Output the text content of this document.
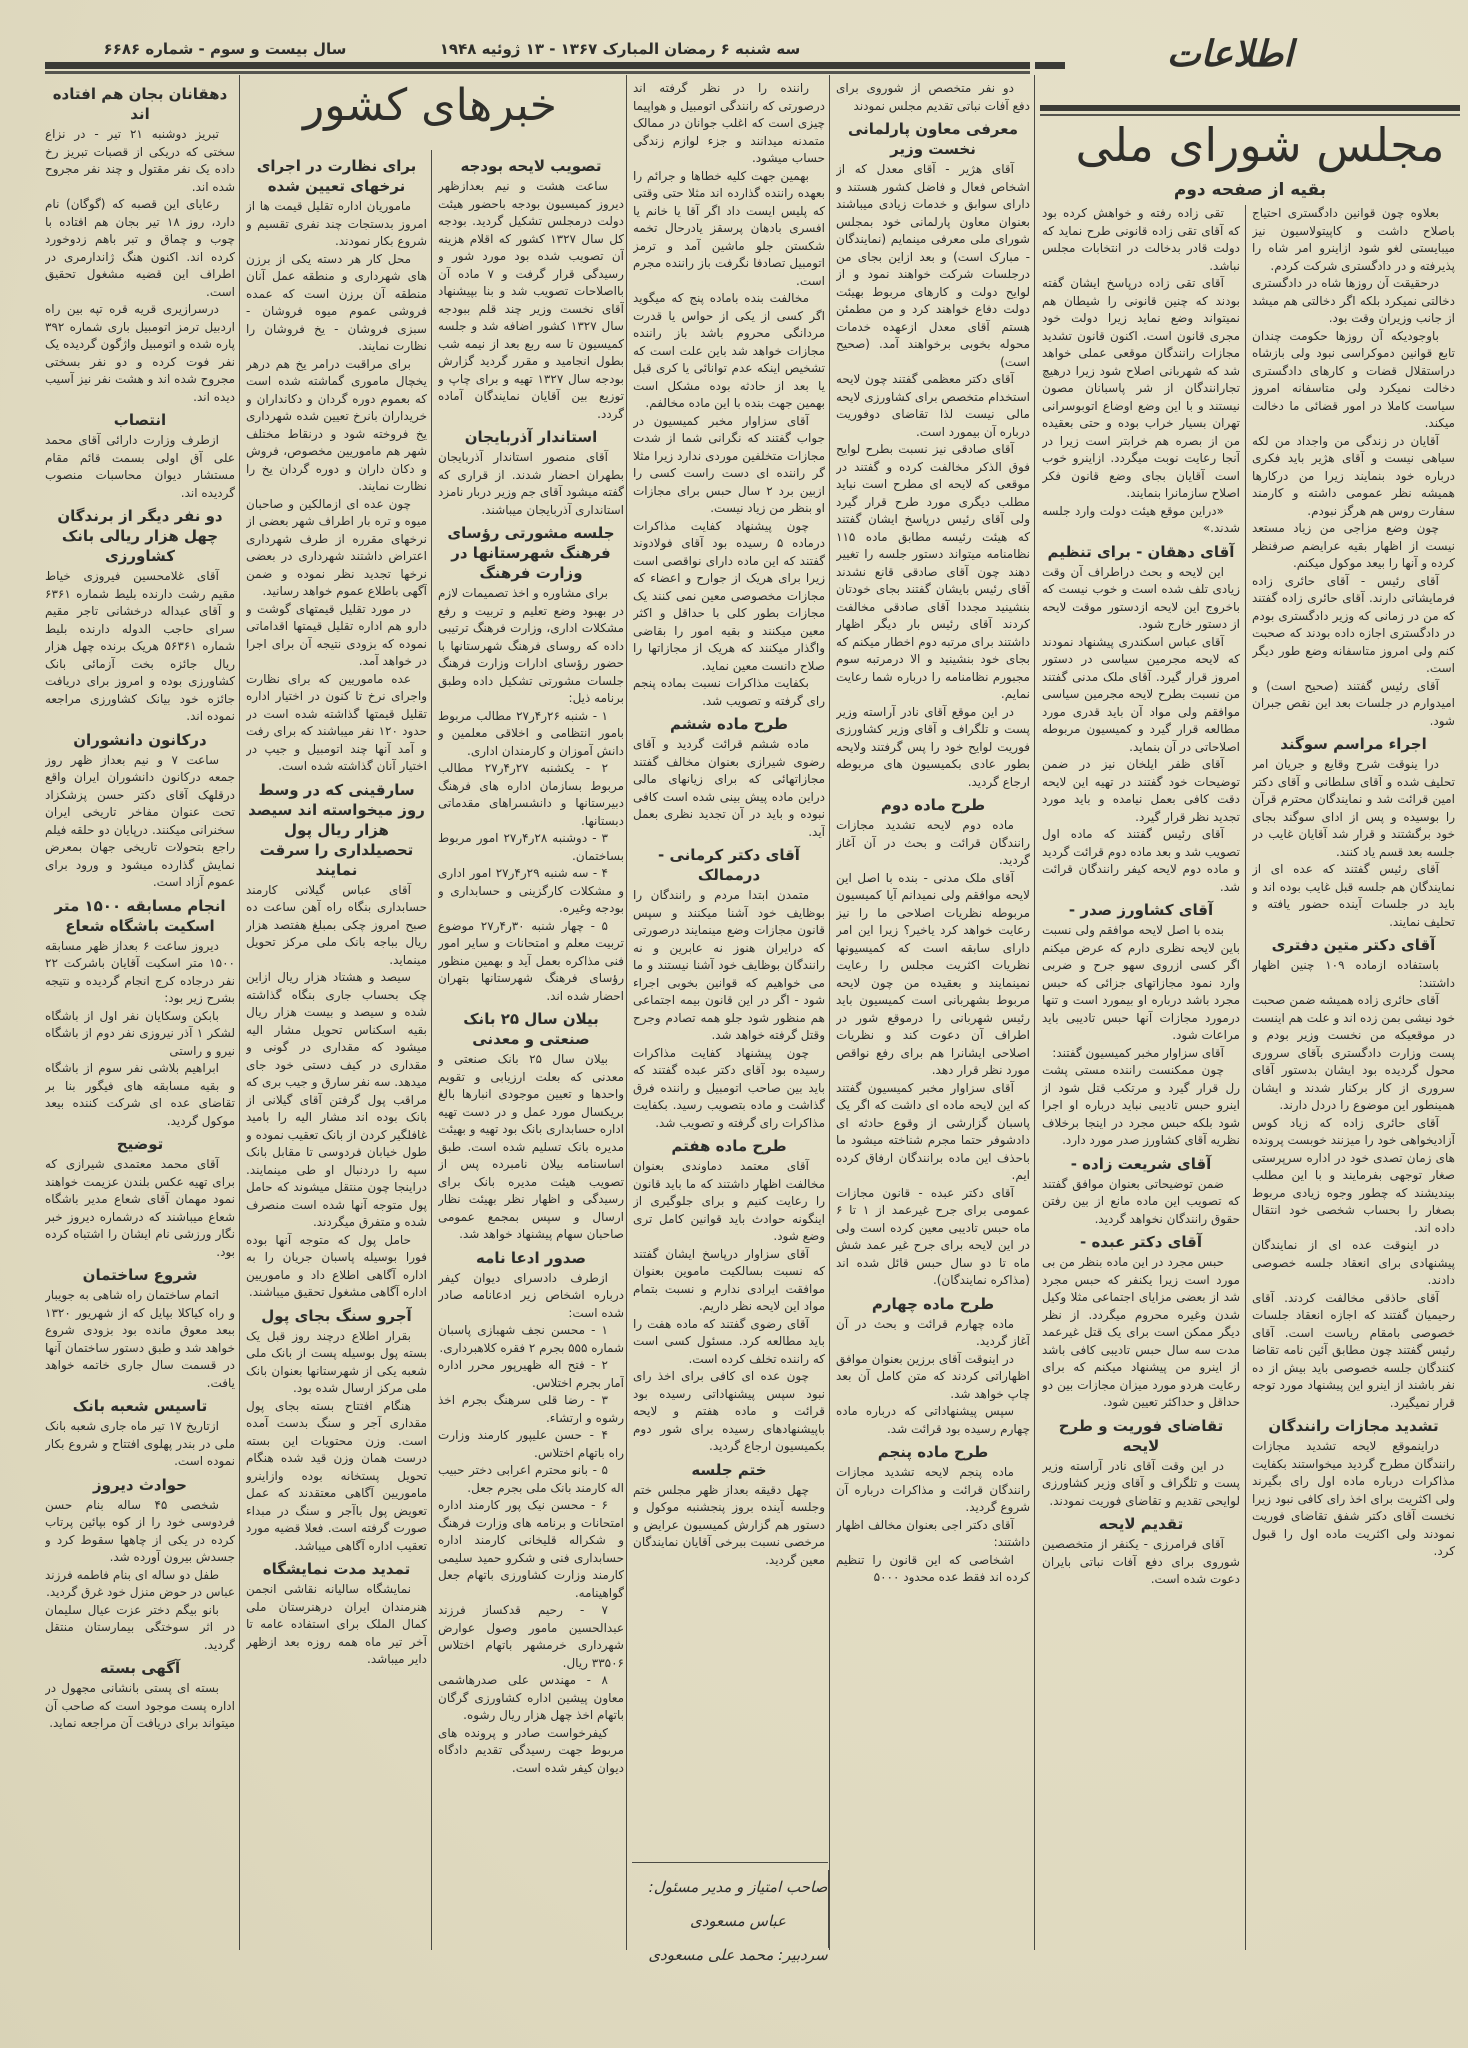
اطلاعات
سه شنبه ۶ رمضان المبارک ۱۳۶۷ - ۱۳ ژوئیه ۱۹۴۸
سال بیست و سوم - شماره ۶۶۸۶
مجلس شورای ملی
بقیه از صفحه دوم
خبرهای کشور

بعلاوه چون قوانین دادگستری احتیاج باصلاح داشت و کاپیتولاسیون نیز میبایستی لغو شود ازاینرو امر شاه را پذیرفته و در دادگستری شرکت کردم.

درحقیقت آن روزها شاه در دادگستری دخالتی نمیکرد بلکه اگر دخالتی هم میشد از جانب وزیران وقت بود.

باوجودیکه آن روزها حکومت چندان تابع قوانین دموکراسی نبود ولی بازشاه دراستقلال قضات و کارهای دادگستری دخالت نمیکرد ولی متاسفانه امروز سیاست کاملا در امور قضائی ما دخالت میکند.

آقایان در زندگی من واجداد من لکه سیاهی نیست و آقای هژیر باید فکری درباره خود بنمایند زیرا من درکارها همیشه نظر عمومی داشته و کارمند سفارت روس هم هرگز نبودم.

چون وضع مزاجی من زیاد مستعد نیست از اظهار بقیه عرایضم صرفنظر کرده و آنها را بیعد موکول میکنم.

آقای رئیس - آقای حائری زاده فرمایشاتی دارند. آقای حائری زاده گفتند که من در زمانی که وزیر دادگستری بودم در دادگستری اجازه داده بودند که صحبت کنم ولی امروز متاسفانه وضع طور دیگر است.

آقای رئیس گفتند (صحیح است) و امیدوارم در جلسات بعد این نقص جبران شود.

اجراء مراسم سوگند

درا ینوقت شرح وقایع و جریان امر تحلیف شده و آقای سلطانی و آقای دکتر امین قرائت شد و نمایندگان محترم قرآن را بوسیده و پس از ادای سوگند بجای خود برگشتند و قرار شد آقایان غایب در جلسه بعد قسم یاد کنند.

آقای رئیس گفتند که عده ای از نمایندگان هم جلسه قبل غایب بوده اند و باید در جلسات آینده حضور یافته و تحلیف نمایند.

آقای دکتر متین دفتری

باستفاده ازماده ۱۰۹ چنین اظهار داشتند:

آقای حائری زاده همیشه ضمن صحبت خود نیشی بمن زده اند و علت هم اینست در موقعیکه من نخست وزیر بودم و پست وزارت دادگستری بآقای سروری محول گردیده بود ایشان بدستور آقای سروری از کار برکنار شدند و ایشان همینطور این موضوع را دردل دارند.

آقای حائری زاده که زیاد کوس آزادیخواهی خود را میزنند خوبست پرونده های زمان تصدی خود در اداره سرپرستی صغار توجهی بفرمایند و با این مطلب بیندیشند که چطور وجوه زیادی مربوط بصغار را بحساب شخصی خود انتقال داده اند.

در اینوقت عده ای از نمایندگان پیشنهادی برای انعقاد جلسه خصوصی دادند.

آقای حاذقی مخالفت کردند. آقای رحیمیان گفتند که اجازه انعقاد جلسات خصوصی بامقام ریاست است. آقای رئیس گفتند چون مطابق آئین نامه تقاضا کنندگان جلسه خصوصی باید بیش از ده نفر باشند از اینرو این پیشنهاد مورد توجه قرار نمیگیرد.

تشدید مجازات رانندگان

دراینموقع لایحه تشدید مجازات رانندگان مطرح گردید میخواستند بکفایت مذاکرات درباره ماده اول رای بگیرند ولی اکثریت برای اخذ رای کافی نبود زیرا نخست آقای دکتر شفق تقاضای فوریت نمودند ولی اکثریت ماده اول را قبول کرد.

تقی زاده رفته و خواهش کرده بود که آقای تقی زاده قانونی طرح نماید که دولت قادر بدخالت در انتخابات مجلس نباشد.

آقای تقی زاده درپاسخ ایشان گفته بودند که چنین قانونی را شیطان هم نمیتواند وضع نماید زیرا دولت خود مجری قانون است. اکنون قانون تشدید مجازات رانندگان موقعی عملی خواهد شد که شهربانی اصلاح شود زیرا درهیچ تجارانندگان از شر پاسبانان مصون نیستند و با این وضع اوضاع اتوبوسرانی تهران بسیار خراب بوده و حتی بعقیده من از بصره هم خرابتر است زیرا در آنجا رعایت نوبت میگردد. ازاینرو خوب است آقایان بجای وضع قانون فکر اصلاح سازمانرا بنمایند.

«دراین موقع هیئت دولت وارد جلسه شدند.»

آقای دهقان - برای تنظیم

این لایحه و بحث دراطراف آن وقت زیادی تلف شده است و خوب نیست که باخروج این لایحه ازدستور موقت لایحه از دستور خارج شود.

آقای عباس اسکندری پیشنهاد نمودند که لایحه مجرمین سیاسی در دستور امروز قرار گیرد. آقای ملک مدنی گفتند من نسبت بطرح لایحه مجرمین سیاسی موافقم ولی مواد آن باید قدری مورد مطالعه قرار گیرد و کمیسیون مربوطه اصلاحاتی در آن بنماید.

آقای ظفر ایلخان نیز در ضمن توضیحات خود گفتند در تهیه این لایحه دقت کافی بعمل نیامده و باید مورد تجدید نظر قرار گیرد.

آقای رئیس گفتند که ماده اول تصویب شد و بعد ماده دوم قرائت گردید و ماده دوم لایحه کیفر رانندگان قرائت شد.

آقای کشاورز صدر -

بنده با اصل لایحه موافقم ولی نسبت باین لایحه نظری دارم که عرض میکنم اگر کسی ازروی سهو جرح و ضربی وارد نمود مجازاتهای جزائی که حبس مجرد باشد درباره او بیمورد است و تنها درمورد مجازات آنها حبس تادیبی باید مراعات شود.

آقای سزاوار مخبر کمیسیون گفتند:

چون ممکنست راننده مستی پشت رل قرار گیرد و مرتکب قتل شود از اینرو حبس تادیبی نباید درباره او اجرا شود بلکه حبس مجرد در اینجا برخلاف نظریه آقای کشاورز صدر مورد دارد.

آقای شریعت زاده -

ضمن توضیحاتی بعنوان موافق گفتند که تصویب این ماده مانع از بین رفتن حقوق رانندگان نخواهد گردید.

آقای دکتر عبده -

حبس مجرد در این ماده بنظر من بی مورد است زیرا یکنفر که حبس مجرد شد از بعضی مزایای اجتماعی مثلا وکیل شدن وغیره محروم میگردد. از نظر دیگر ممکن است برای یک قتل غیرعمد مدت سه سال حبس تادیبی کافی باشد از اینرو من پیشنهاد میکنم که برای رعایت هردو مورد میزان مجازات بین دو حداقل و حداکثر تعیین شود.

تقاضای فوریت و طرح لایحه

در این وقت آقای نادر آراسته وزیر پست و تلگراف و آقای وزیر کشاورزی لوایحی تقدیم و تقاضای فوریت نمودند.

تقدیم لایحه

آقای فرامرزی - یکنفر از متخصصین شوروی برای دفع آفات نباتی بایران دعوت شده است.

دو نفر متخصص از شوروی برای دفع آفات نباتی تقدیم مجلس نمودند

معرفی معاون پارلمانی نخست وزیر

آقای هژیر - آقای معدل که از اشخاص فعال و فاضل کشور هستند و دارای سوابق و خدمات زیادی میباشند بعنوان معاون پارلمانی خود بمجلس شورای ملی معرفی مینمایم (نمایندگان - مبارک است) و بعد ازاین بجای من درجلسات شرکت خواهند نمود و از لوایح دولت و کارهای مربوط بهیئت دولت دفاع خواهند کرد و من مطمئن هستم آقای معدل ازعهده خدمات محوله بخوبی برخواهند آمد. (صحیح است)

آقای دکتر معظمی گفتند چون لایحه استخدام متخصص برای کشاورزی لایحه مالی نیست لذا تقاضای دوفوریت درباره آن بیمورد است.

آقای صادقی نیز نسبت بطرح لوایح فوق الذکر مخالفت کرده و گفتند در موقعی که لایحه ای مطرح است نباید مطلب دیگری مورد طرح قرار گیرد ولی آقای رئیس درپاسخ ایشان گفتند که هیئت رئیسه مطابق ماده ۱۱۵ نظامنامه میتواند دستور جلسه را تغییر دهند چون آقای صادقی قانع نشدند آقای رئیس بایشان گفتند بجای خودتان بنشینید مجددا آقای صادقی مخالفت کردند آقای رئیس بار دیگر اظهار داشتند برای مرتبه دوم اخطار میکنم که بجای خود بنشینید و الا درمرتبه سوم مجبورم نظامنامه را درباره شما رعایت نمایم.

در این موقع آقای نادر آراسته وزیر پست و تلگراف و آقای وزیر کشاورزی فوریت لوایح خود را پس گرفتند ولایحه بطور عادی بکمیسیون های مربوطه ارجاع گردید.

طرح ماده دوم

ماده دوم لایحه تشدید مجازات رانندگان قرائت و بحث در آن آغاز گردید.

آقای ملک مدنی - بنده با اصل این لایحه موافقم ولی نمیدانم آیا کمیسیون مربوطه نظریات اصلاحی ما را نیز رعایت خواهد کرد یاخیر؟ زیرا این امر دارای سابقه است که کمیسیونها نظریات اکثریت مجلس را رعایت نمینمایند و بعقیده من چون لایحه مربوط بشهربانی است کمیسیون باید رئیس شهربانی را درموقع شور در اطراف آن دعوت کند و نظریات اصلاحی ایشانرا هم برای رفع نواقص مورد نظر قرار دهد.

آقای سزاوار مخبر کمیسیون گفتند که این لایحه ماده ای داشت که اگر یک پاسبان گزارشی از وقوع حادثه ای دادشوفر حتما مجرم شناخته میشود ما باحذف این ماده برانندگان ارفاق کرده ایم.

آقای دکتر عبده - قانون مجازات عمومی برای جرح غیرعمد از ۱ تا ۶ ماه حبس تادیبی معین کرده است ولی در این لایحه برای جرح غیر عمد شش ماه تا دو سال حبس قائل شده اند (مذاکره نمایندگان).

طرح ماده چهارم

ماده چهارم قرائت و بحث در آن آغاز گردید.

در اینوقت آقای برزین بعنوان موافق اظهاراتی کردند که متن کامل آن بعد چاپ خواهد شد.

سپس پیشنهاداتی که درباره ماده چهارم رسیده بود قرائت شد.

طرح ماده پنجم

ماده پنجم لایحه تشدید مجازات رانندگان قرائت و مذاکرات درباره آن شروع گردید.

آقای دکتر اجی بعنوان مخالف اظهار داشتند:

اشخاصی که این قانون را تنظیم کرده اند فقط عده محدود ۵۰۰۰

راننده را در نظر گرفته اند درصورتی که رانندگی اتومبیل و هواپیما چیزی است که اغلب جوانان در ممالک متمدنه میدانند و جزء لوازم زندگی حساب میشود.

بهمین جهت کلیه خطاها و جرائم را بعهده راننده گذارده اند مثلا حتی وقتی که پلیس ایست داد اگر آقا یا خانم یا افسری بادهان پرسقز یادرحال تخمه شکستن جلو ماشین آمد و ترمز اتومبیل تصادفا نگرفت باز راننده مجرم است.

مخالفت بنده باماده پنج که میگوید اگر کسی از یکی از حواس یا قدرت مردانگی محروم باشد باز راننده مجازات خواهد شد باین علت است که تشخیص اینکه عدم توانائی یا کری قبل یا بعد از حادثه بوده مشکل است بهمین جهت بنده با این ماده مخالفم.

آقای سزاوار مخبر کمیسیون در جواب گفتند که نگرانی شما از شدت مجازات متخلفین موردی ندارد زیرا مثلا گر راننده ای دست راست کسی را ازبین برد ۲ سال حبس برای مجازات او بنظر من زیاد نیست.

چون پیشنهاد کفایت مذاکرات درماده ۵ رسیده بود آقای فولادوند گفتند که این ماده دارای نواقصی است زیرا برای هریک از جوارح و اعضاء که مجازات مخصوصی معین نمی کنند یک مجازات بطور کلی با حداقل و اکثر معین میکنند و بقیه امور را بقاضی واگذار میکنند که هریک از مجازاتها را صلاح دانست معین نماید.

بکفایت مذاکرات نسبت بماده پنجم رای گرفته و تصویب شد.

طرح ماده ششم

ماده ششم قرائت گردید و آقای رضوی شیرازی بعنوان مخالف گفتند مجازاتهائی که برای زیانهای مالی دراین ماده پیش بینی شده است کافی نبوده و باید در آن تجدید نظری بعمل آید.

آقای دکتر کرمانی - درممالک

متمدن ابتدا مردم و رانندگان را بوظایف خود آشنا میکنند و سپس قانون مجازات وضع مینمایند درصورتی که درایران هنوز نه عابرین و نه رانندگان بوظایف خود آشنا نیستند و ما می خواهیم که قوانین بخوبی اجراء شود - اگر در این قانون بیمه اجتماعی هم منظور شود جلو همه تصادم وجرح وقتل گرفته خواهد شد.

چون پیشنهاد کفایت مذاکرات رسیده بود آقای دکتر عبده گفتند که باید بین صاحب اتومبیل و راننده فرق گذاشت و ماده بتصویب رسید. بکفایت مذاکرات رای گرفته و تصویب شد.

طرح ماده هفتم

آقای معتمد دماوندی بعنوان مخالفت اظهار داشتند که ما باید قانون را رعایت کنیم و برای جلوگیری از اینگونه حوادث باید قوانین کامل تری وضع شود.

آقای سزاوار درپاسخ ایشان گفتند که نسبت بسالکیت ماموین بعنوان موافقت ایرادی ندارم و نسبت بتمام مواد این لایحه نظر داریم.

آقای رضوی گفتند که ماده هفت را باید مطالعه کرد. مسئول کسی است که راننده تخلف کرده است.

چون عده ای کافی برای اخذ رای نبود سپس پیشنهاداتی رسیده بود قرائت و ماده هفتم و لایحه باپیشنهادهای رسیده برای شور دوم بکمیسیون ارجاع گردید.

ختم جلسه

چهل دقیقه بعداز ظهر مجلس ختم وجلسه آینده بروز پنجشنبه موکول و دستور هم گزارش کمیسیون عرایض و مرخصی نسبت ببرخی آقایان نمایندگان معین گردید.

تصویب لایحه بودجه

ساعت هشت و نیم بعدازظهر دیروز کمیسیون بودجه باحضور هیئت دولت درمجلس تشکیل گردید. بودجه کل سال ۱۳۲۷ کشور که اقلام هزینه آن تصویب شده بود مورد شور و رسیدگی قرار گرفت و ۷ ماده آن بااصلاحات تصویب شد و بنا بپیشنهاد آقای نخست وزیر چند قلم ببودجه سال ۱۳۲۷ کشور اضافه شد و جلسه کمیسیون تا سه ربع بعد از نیمه شب بطول انجامید و مقرر گردید گزارش بودجه سال ۱۳۲۷ تهیه و برای چاپ و توزیع بین آقایان نمایندگان آماده گردد.

استاندار آذربایجان

آقای منصور استاندار آذربایجان بطهران احضار شدند. از قراری که گفته میشود آقای جم وزیر دربار نامزد استانداری آذربایجان میباشند.

جلسه مشورتی رؤسای فرهنگ شهرستانها در وزارت فرهنگ

برای مشاوره و اخذ تصمیمات لازم در بهبود وضع تعلیم و تربیت و رفع مشکلات اداری، وزارت فرهنگ ترتیبی داده که روسای فرهنگ شهرستانها با حضور رؤسای ادارات وزارت فرهنگ جلسات مشورتی تشکیل داده وطبق برنامه ذیل:

۱ - شنبه ۲۶ر۴ر۲۷ مطالب مربوط بامور انتظامی و اخلاقی معلمین و دانش آموزان و کارمندان اداری.

۲ - یکشنبه ۲۷ر۴ر۲۷ مطالب مربوط بسازمان اداره های فرهنگ دبیرستانها و دانشسراهای مقدماتی دبستانها.

۳ - دوشنبه ۲۸ر۴ر۲۷ امور مربوط بساختمان.

۴ - سه شنبه ۲۹ر۴ر۲۷ امور اداری و مشکلات کارگزینی و حسابداری و بودجه وغیره.

۵ - چهار شنبه ۳۰ر۴ر۲۷ موضوع تربیت معلم و امتحانات و سایر امور فنی مذاکره بعمل آید و بهمین منظور رؤسای فرهنگ شهرستانها بتهران احضار شده اند.

بیلان سال ۲۵ بانک صنعتی و معدنی

بیلان سال ۲۵ بانک صنعتی و معدنی که بعلت ارزیابی و تقویم واحدها و تعیین موجودی انبارها بالغ بریکسال مورد عمل و در دست تهیه اداره حسابداری بانک بود تهیه و بهیئت مدیره بانک تسلیم شده است. طبق اساسنامه بیلان نامبرده پس از تصویب هیئت مدیره بانک برای رسیدگی و اظهار نظر بهیئت نظار ارسال و سپس بمجمع عمومی صاحبان سهام پیشنهاد خواهد شد.

صدور ادعا نامه

ازطرف دادسرای دیوان کیفر درباره اشخاص زیر ادعانامه صادر شده است:

۱ - محسن نجف شهبازی پاسبان شماره ۵۵۵ بجرم ۲ فقره کلاهبرداری.

۲ - فتح اله ظهیرپور محرر اداره آمار بجرم اختلاس.

۳ - رضا قلی سرهنگ بجرم اخذ رشوه و ارتشاء.

۴ - حسن علیپور کارمند وزارت راه باتهام اختلاس.

۵ - بانو محترم اعرابی دختر حبیب اله کارمند بانک ملی بجرم جعل.

۶ - محسن نیک پور کارمند اداره امتحانات و برنامه های وزارت فرهنگ و شکراله قلیخانی کارمند اداره حسابداری فنی و شکرو حمید سلیمی کارمند وزارت کشاورزی باتهام جعل گواهینامه.

۷ - رحیم قدکساز فرزند عبدالحسین مامور وصول عوارض شهرداری خرمشهر باتهام اختلاس ۳۳۵۰۶ ریال.

۸ - مهندس علی صدرهاشمی معاون پیشین اداره کشاورزی گرگان باتهام اخذ چهل هزار ریال رشوه.

کیفرخواست صادر و پرونده های مربوط جهت رسیدگی تقدیم دادگاه دیوان کیفر شده است.

برای نظارت در اجرای نرخهای تعیین شده

ماموریان اداره تقلیل قیمت ها از امروز بدستجات چند نفری تقسیم و شروع بکار نمودند.

محل کار هر دسته یکی از برزن های شهرداری و منطقه عمل آنان منطقه آن برزن است که عمده فروشی عموم میوه فروشان - سبزی فروشان - یخ فروشان را نظارت نمایند.

برای مراقبت درامر یخ هم درهر یخچال ماموری گماشته شده است که بعموم دوره گردان و دکانداران و خریداران بانرخ تعیین شده شهرداری یخ فروخته شود و درنقاط مختلف شهر هم ماموریین مخصوص، فروش و دکان داران و دوره گردان یخ را نظارت نمایند.

چون عده ای ازمالکین و صاحبان میوه و تره بار اطراف شهر بعضی از نرخهای مقرره از طرف شهرداری اعتراض داشتند شهرداری در بعضی نرخها تجدید نظر نموده و ضمن آگهی باطلاع عموم خواهد رسانید.

در مورد تقلیل قیمتهای گوشت و دارو هم اداره تقلیل قیمتها اقداماتی نموده که بزودی نتیجه آن برای اجرا در خواهد آمد.

عده ماموریین که برای نظارت واجرای نرخ تا کنون در اختیار اداره تقلیل قیمتها گذاشته شده است در حدود ۱۲۰ نفر میباشند که برای رفت و آمد آنها چند اتومبیل و جیپ در اختیار آنان گذاشته شده است.

سارقینی که در وسط روز میخواسته اند سیصد هزار ریال پول تحصیلداری را سرقت نمایند

آقای عباس گیلانی کارمند حسابداری بنگاه راه آهن ساعت ده صبح امروز چکی بمبلغ هفتصد هزار ریال بباجه بانک ملی مرکز تحویل مینماید.

سیصد و هشتاد هزار ریال ازاین چک بحساب جاری بنگاه گذاشته شده و سیصد و بیست هزار ریال بقیه اسکناس تحویل مشار الیه میشود که مقداری در گونی و مقداری در کیف دستی خود جای میدهد. سه نفر سارق و جیب بری که مراقب پول گرفتن آقای گیلانی از بانک بوده اند مشار الیه را بامید غافلگیر کردن از بانک تعقیب نموده و طول خیابان فردوسی تا مقابل بانک سپه را دردنبال او طی مینمایند. دراینجا چون منتقل میشوند که حامل پول متوجه آنها شده است منصرف شده و متفرق میگردند.

حامل پول که متوجه آنها بوده فورا بوسیله پاسبان جریان را به اداره آگاهی اطلاع داد و ماموریین اداره آگاهی مشغول تحقیق میباشند.

آجرو سنگ بجای پول

بقرار اطلاع درچند روز قبل یک بسته پول بوسیله پست از بانک ملی شعبه یکی از شهرستانها بعنوان بانک ملی مرکز ارسال شده بود.

هنگام افتتاح بسته بجای پول مقداری آجر و سنگ بدست آمده است. وزن محتویات این بسته درست همان وزن قید شده هنگام تحویل پستخانه بوده وازاینرو ماموریین آگاهی معتقدند که عمل تعویض پول باآجر و سنگ در مبداء صورت گرفته است. فعلا قضیه مورد تعقیب اداره آگاهی میباشد.

تمدید مدت نمایشگاه

نمایشگاه سالیانه نقاشی انجمن هنرمندان ایران درهنرستان ملی کمال الملک برای استفاده عامه تا آخر تیر ماه همه روزه بعد ازظهر دایر میباشد.

دهقانان بجان هم افتاده اند

تبریز دوشنبه ۲۱ تیر - در نزاع سختی که دریکی از قصبات تبریز رخ داده یک نفر مقتول و چند نفر مجروح شده اند.

رعایای این قصبه که (گوگان) نام دارد، روز ۱۸ تیر بجان هم افتاده با چوب و چماق و تبر باهم زدوخورد کرده اند. اکنون هنگ ژاندارمری در اطراف این قضیه مشغول تحقیق است.

درسرازیری قریه قره تپه بین راه اردبیل ترمز اتومبیل باری شماره ۳۹۲ پاره شده و اتومبیل واژگون گردیده یک نفر فوت کرده و دو نفر بسختی مجروح شده اند و هشت نفر نیز آسیب دیده اند.

انتصاب

ازطرف وزارت دارائی آقای محمد علی آق اولی بسمت قائم مقام مستشار دیوان محاسبات منصوب گردیده اند.

دو نفر دیگر از برندگان چهل هزار ریالی بانک کشاورزی

آقای غلامحسین فیروزی خیاط مقیم رشت دارنده بلیط شماره ۶۳۶۱ و آقای عبداله درخشانی تاجر مقیم سرای حاجب الدوله دارنده بلیط شماره ۵۶۳۶۱ هریک برنده چهل هزار ریال جائزه بخت آزمائی بانک کشاورزی بوده و امروز برای دریافت جائزه خود بیانک کشاورزی مراجعه نموده اند.

درکانون دانشوران

ساعت ۷ و نیم بعداز ظهر روز جمعه درکانون دانشوران ایران واقع درقلهک آقای دکتر حسن پزشکزاد تحت عنوان مفاخر تاریخی ایران سخنرانی میکنند. درپایان دو حلقه فیلم راجع بتحولات تاریخی جهان بمعرض نمایش گذارده میشود و ورود برای عموم آزاد است.

انجام مسابقه ۱۵۰۰ متر اسکیت باشگاه شعاع

دیروز ساعت ۶ بعداز ظهر مسابقه ۱۵۰۰ متر اسکیت آقایان باشرکت ۲۲ نفر درجاده کرج انجام گردیده و نتیجه بشرح زیر بود:

بابکن وسکایان نفر اول از باشگاه لشکر ۱ آذر نیروزی نفر دوم از باشگاه نیرو و راستی

ابراهیم بلاشی نفر سوم از باشگاه و بقیه مسابقه های فیگور بنا بر تقاضای عده ای شرکت کننده بیعد موکول گردید.

توضیح

آقای محمد معتمدی شیرازی که برای تهیه عکس بلندن عزیمت خواهند نمود مهمان آقای شعاع مدیر باشگاه شعاع میباشند که درشماره دیروز خبر نگار ورزشی نام ایشان را اشتباه کرده بود.

شروع ساختمان

اتمام ساختمان راه شاهی به جویبار و راه کیاکلا بپایل که از شهریور ۱۳۲۰ ببعد معوق مانده بود بزودی شروع خواهد شد و طبق دستور ساختمان آنها در قسمت سال جاری خاتمه خواهد یافت.

تاسیس شعبه بانک

ازتاریخ ۱۷ تیر ماه جاری شعبه بانک ملی در بندر پهلوی افتتاح و شروع بکار نموده است.

حوادث دیروز

شخصی ۴۵ ساله بنام حسن فردوسی خود را از کوه بپائین پرتاب کرده در یکی از چاهها سقوط کرد و جسدش بیرون آورده شد.

طفل دو ساله ای بنام فاطمه فرزند عباس در حوض منزل خود غرق گردید.

بانو بیگم دختر عزت عیال سلیمان در اثر سوختگی بیمارستان منتقل گردید.

آگهی بسته

بسته ای پستی بانشانی مجهول در اداره پست موجود است که صاحب آن میتواند برای دریافت آن مراجعه نماید.

صاحب امتیاز و مدیر مسئول: عباس مسعودی
سردبیر: محمد علی مسعودی
